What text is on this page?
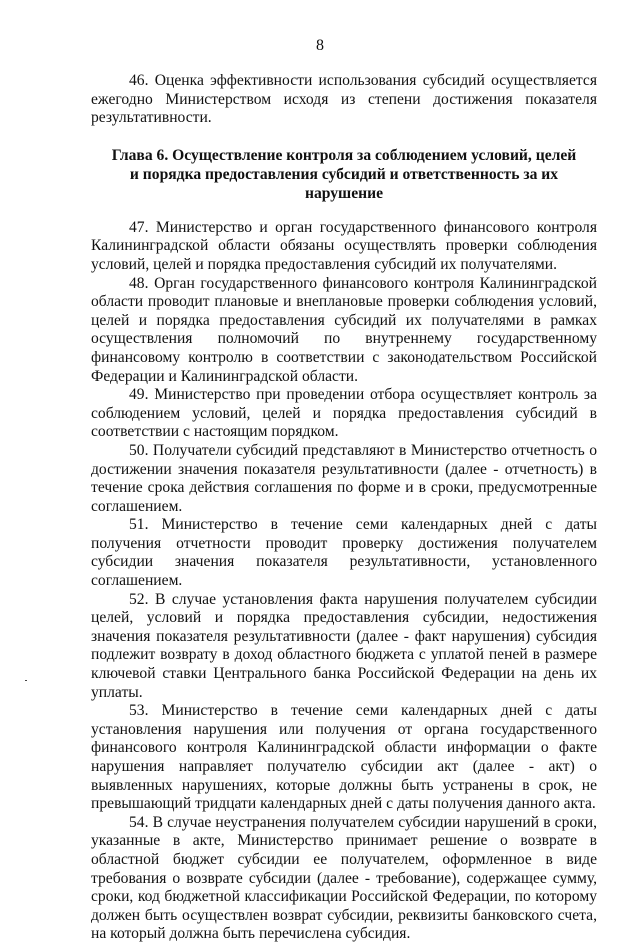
8

46. Оценка эффективности использования субсидий осуществляется ежегодно Министерством исходя из степени достижения показателя результативности.

Глава 6. Осуществление контроля за соблюдением условий, целей
и порядка предоставления субсидий и ответственность за их нарушение

47. Министерство и орган государственного финансового контроля Калининградской области обязаны осуществлять проверки соблюдения условий, целей и порядка предоставления субсидий их получателями.

48. Орган государственного финансового контроля Калининградской области проводит плановые и внеплановые проверки соблюдения условий, целей и порядка предоставления субсидий их получателями в рамках осуществления полномочий по внутреннему государственному финансовому контролю в соответствии с законодательством Российской Федерации и Калининградской области.

49. Министерство при проведении отбора осуществляет контроль за соблюдением условий, целей и порядка предоставления субсидий в соответствии с настоящим порядком.

50. Получатели субсидий представляют в Министерство отчетность о достижении значения показателя результативности (далее - отчетность) в течение срока действия соглашения по форме и в сроки, предусмотренные соглашением.

51. Министерство в течение семи календарных дней с даты получения отчетности проводит проверку достижения получателем субсидии значения показателя результативности, установленного соглашением.

52. В случае установления факта нарушения получателем субсидии целей, условий и порядка предоставления субсидии, недостижения значения показателя результативности (далее - факт нарушения) субсидия подлежит возврату в доход областного бюджета с уплатой пеней в размере ключевой ставки Центрального банка Российской Федерации на день их уплаты.

53. Министерство в течение семи календарных дней с даты установления нарушения или получения от органа государственного финансового контроля Калининградской области информации о факте нарушения направляет получателю субсидии акт (далее - акт) о выявленных нарушениях, которые должны быть устранены в срок, не превышающий тридцати календарных дней с даты получения данного акта.

54. В случае неустранения получателем субсидии нарушений в сроки, указанные в акте, Министерство принимает решение о возврате в областной бюджет субсидии ее получателем, оформленное в виде требования о возврате субсидии (далее - требование), содержащее сумму, сроки, код бюджетной классификации Российской Федерации, по которому должен быть осуществлен возврат субсидии, реквизиты банковского счета, на который должна быть перечислена субсидия.
